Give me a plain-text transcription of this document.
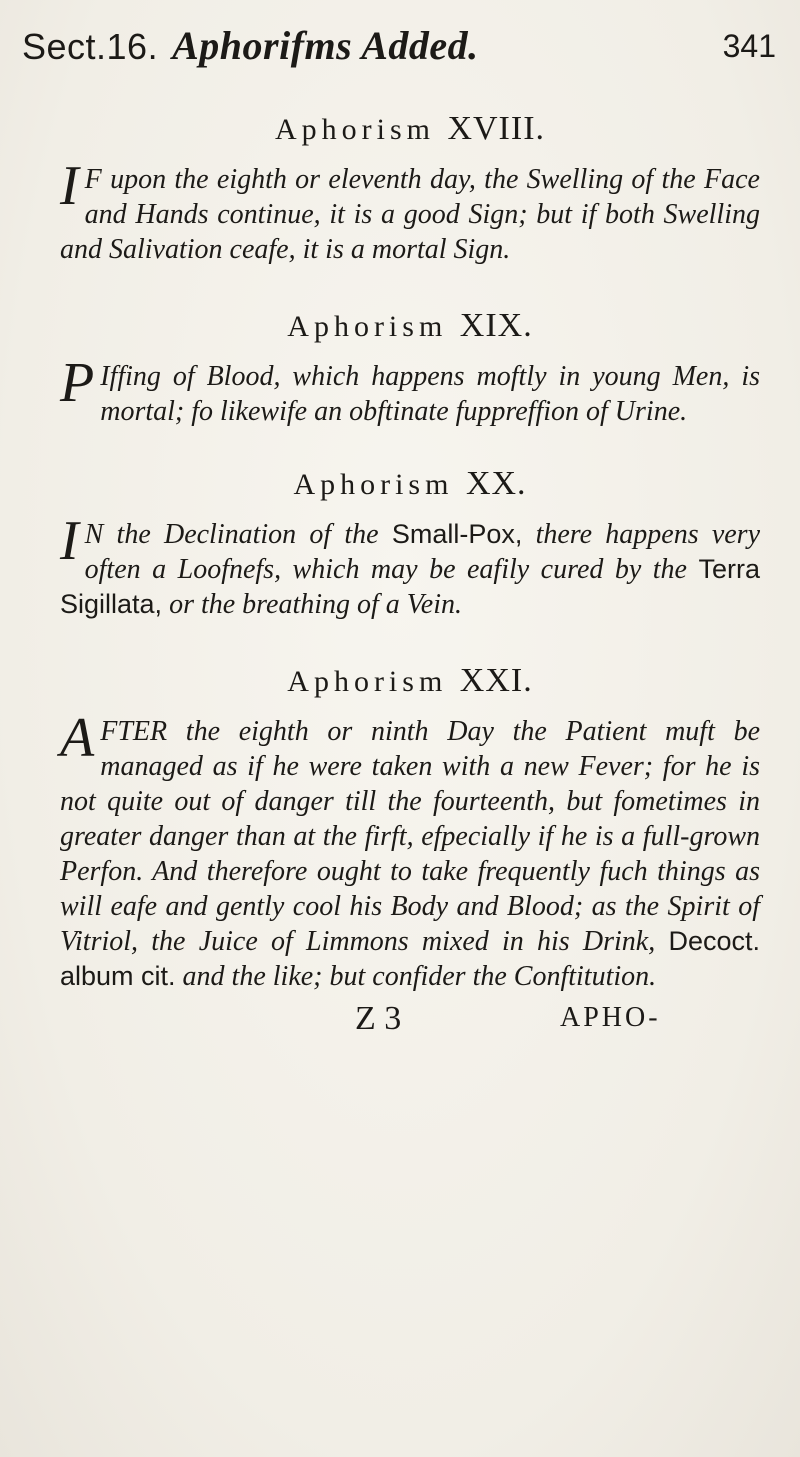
Sect.16. Aphorifms Added.	341
Aphorism XVIII.

I F upon the eighth or eleventh day, the Swelling of the Face and Hands continue, it is a good Sign; but if both Swelling and Salivation ceafe, it is a mortal Sign.

Aphorism XIX.

P Iffing of Blood, which happens moftly in young Men, is mortal; fo likewife an obftinate fuppreffion of Urine.

Aphorism XX.

I N the Declination of the Small-Pox, there happens very often a Loofnefs, which may be eafily cured by the Terra Sigillata, or the breathing of a Vein.

Aphorism XXI.

AFTER the eighth or ninth Day the Patient muft be managed as if he were taken with a new Fever; for he is not quite out of danger till the fourteenth, but fometimes in greater danger than at the firft, efpecially if he is a full-grown Perfon. And therefore ought to take frequently fuch things as will eafe and gently cool his Body and Blood; as the Spirit of Vitriol, the Juice of Limmons mixed in his Drink, Decoct. album cit. and the like; but confider the Conftitution.

Z 3	APHO-
